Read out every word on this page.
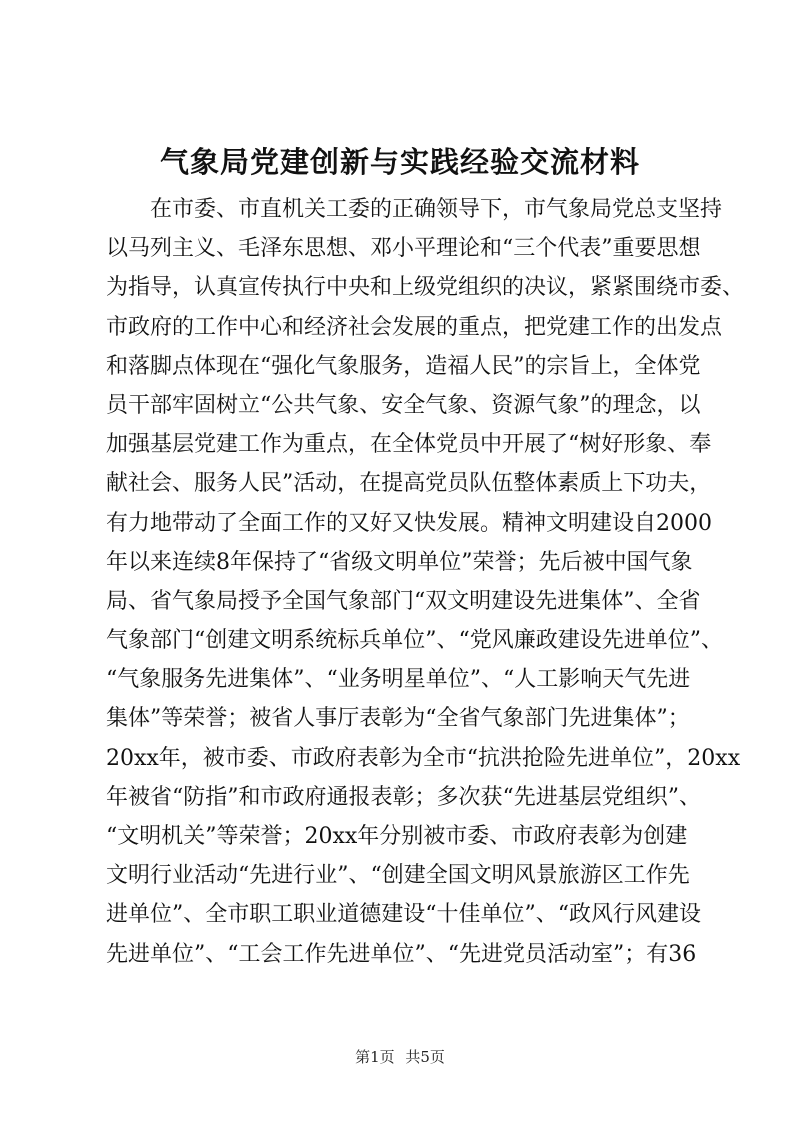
气象局党建创新与实践经验交流材料
在市委、市直机关工委的正确领导下，市气象局党总支坚持
以马列主义、毛泽东思想、邓小平理论和“三个代表”重要思想
为指导，认真宣传执行中央和上级党组织的决议，紧紧围绕市委、
市政府的工作中心和经济社会发展的重点，把党建工作的出发点
和落脚点体现在“强化气象服务，造福人民”的宗旨上，全体党
员干部牢固树立“公共气象、安全气象、资源气象”的理念，以
加强基层党建工作为重点，在全体党员中开展了“树好形象、奉
献社会、服务人民”活动，在提高党员队伍整体素质上下功夫，
有力地带动了全面工作的又好又快发展。精神文明建设自2000
年以来连续8年保持了“省级文明单位”荣誉；先后被中国气象
局、省气象局授予全国气象部门“双文明建设先进集体”、全省
气象部门“创建文明系统标兵单位”、“党风廉政建设先进单位”、
“气象服务先进集体”、“业务明星单位”、“人工影响天气先进
集体”等荣誉；被省人事厅表彰为“全省气象部门先进集体”；
20xx年，被市委、市政府表彰为全市“抗洪抢险先进单位”，20xx
年被省“防指”和市政府通报表彰；多次获“先进基层党组织”、
“文明机关”等荣誉；20xx年分别被市委、市政府表彰为创建
文明行业活动“先进行业”、“创建全国文明风景旅游区工作先
进单位”、全市职工职业道德建设“十佳单位”、“政风行风建设
先进单位”、“工会工作先进单位”、“先进党员活动室”；有36
第1页 共5页
